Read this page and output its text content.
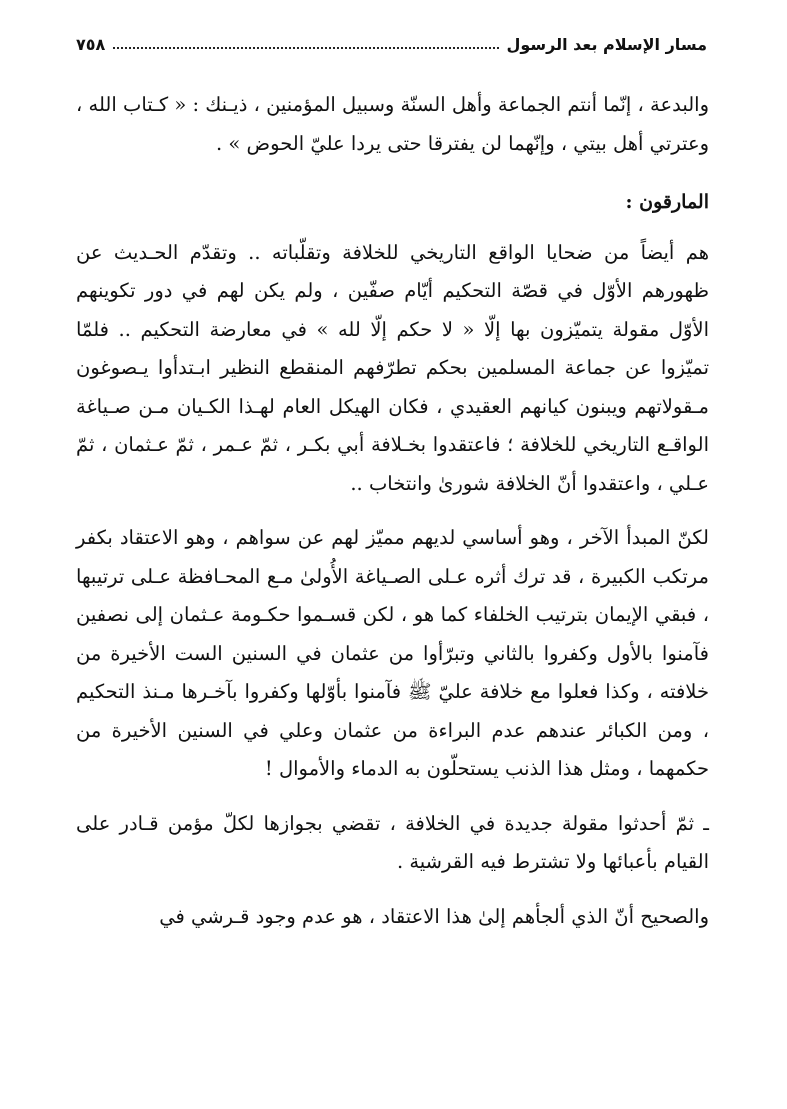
مسار الإسلام بعد الرسول
٧٥٨

والبدعة ، إنّما أنتم الجماعة وأهل السنّة وسبيل المؤمنين ، ذيـنك : « كـتاب الله ، وعترتي أهل بيتي ، وإنّهما لن يفترقا حتى يردا عليّ الحوض » .

المارقون :

هم أيضاً من ضحايا الواقع التاريخي للخلافة وتقلّباته .. وتقدّم الحـديث عن ظهورهم الأوّل في قصّة التحكيم أيّام صفّين ، ولم يكن لهم في دور تكوينهم الأوّل مقولة يتميّزون بها إلّا « لا حكم إلّا لله » في معارضة التحكيم .. فلمّا تميّزوا عن جماعة المسلمين بحكم تطرّفهم المنقطع النظير ابـتدأوا يـصوغون مـقولاتهم ويبنون كيانهم العقيدي ، فكان الهيكل العام لهـذا الكـيان مـن صـياغة الواقـع التاريخي للخلافة ؛ فاعتقدوا بخـلافة أبي بكـر ، ثمّ عـمر ، ثمّ عـثمان ، ثمّ عـلي ، واعتقدوا أنّ الخلافة شورىٰ وانتخاب ..

لكنّ المبدأ الآخر ، وهو أساسي لديهم مميّز لهم عن سواهم ، وهو الاعتقاد بكفر مرتكب الكبيرة ، قد ترك أثره عـلى الصـياغة الأُولىٰ مـع المحـافظة عـلى ترتيبها ، فبقي الإيمان بترتيب الخلفاء كما هو ، لكن قسـموا حكـومة عـثمان إلى نصفين فآمنوا بالأول وكفروا بالثاني وتبرّأوا من عثمان في السنين الست الأخيرة من خلافته ، وكذا فعلوا مع خلافة عليّ ﷺ فآمنوا بأوّلها وكفروا بآخـرها مـنذ التحكيم ، ومن الكبائر عندهم عدم البراءة من عثمان وعلي في السنين الأخيرة من حكمهما ، ومثل هذا الذنب يستحلّون به الدماء والأموال !

ـ ثمّ أحدثوا مقولة جديدة في الخلافة ، تقضي بجوازها لكلّ مؤمن قـادر على القيام بأعبائها ولا تشترط فيه القرشية .

والصحيح أنّ الذي ألجأهم إلىٰ هذا الاعتقاد ، هو عدم وجود قـرشي في
